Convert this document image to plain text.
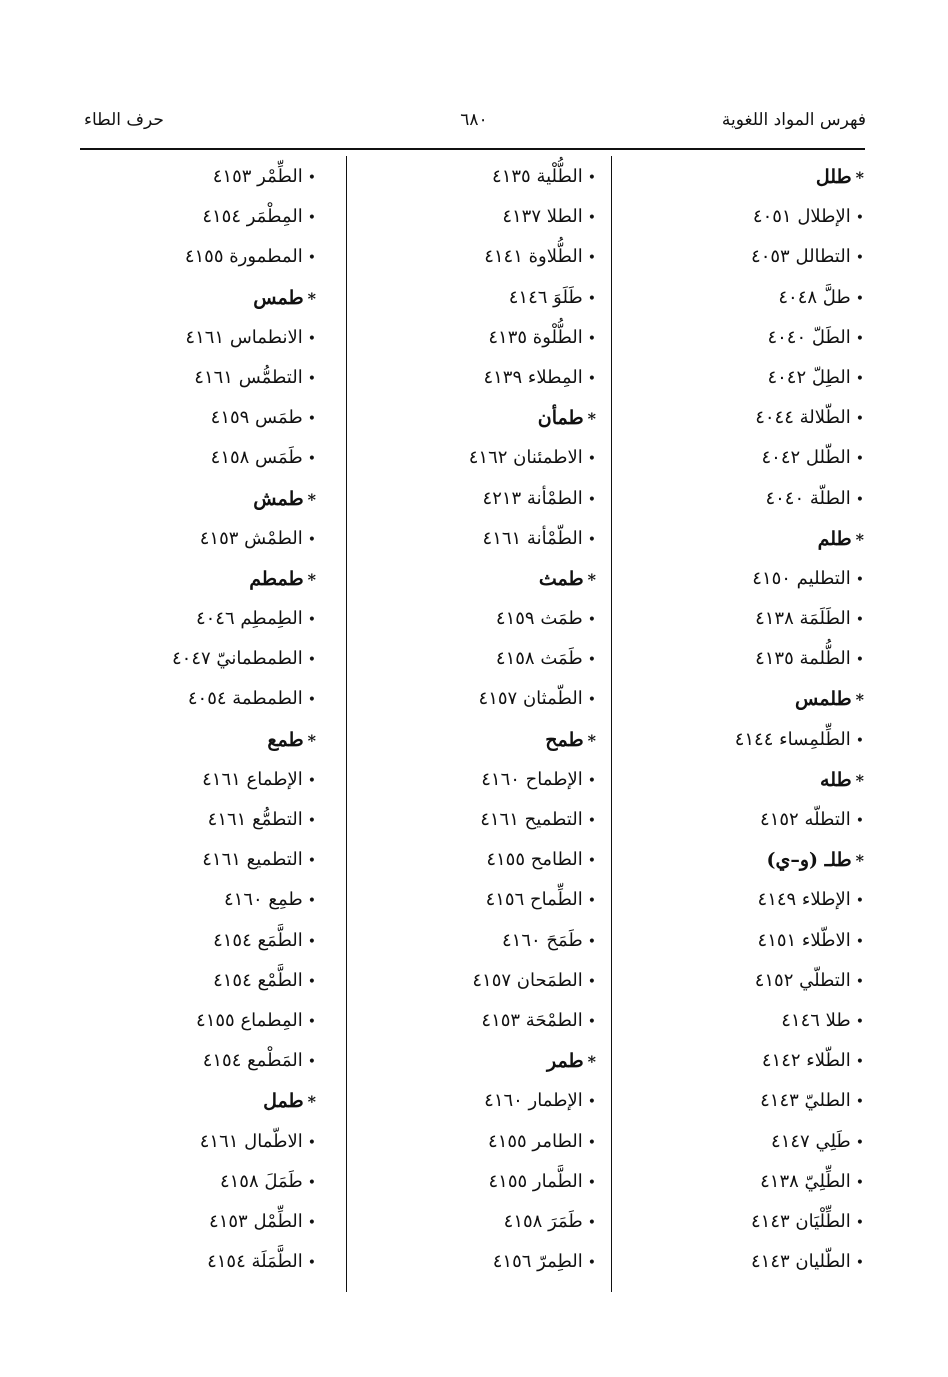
فهرس المواد اللغوية
٦٨٠
حرف الطاء
*طلل
•الإطلال ٤٠٥١
•التطالل ٤٠٥٣
•طلَّ ٤٠٤٨
•الطَلّ ٤٠٤٠
•الطِلّ ٤٠٤٢
•الطّلالة ٤٠٤٤
•الطّلل ٤٠٤٢
•الطلّة ٤٠٤٠
*طلم
•التطليم ٤١٥٠
•الطَلَمَة ٤١٣٨
•الطُّلمة ٤١٣٥
*طلمس
•الطِّلمِساء ٤١٤٤
*طله
•التطلّه ٤١٥٢
*طلـ (و–ي)
•الإطلاء ٤١٤٩
•الاطّلاء ٤١٥١
•التطلّي ٤١٥٢
•طلا ٤١٤٦
•الطّلاء ٤١٤٢
•الطليّ ٤١٤٣
•طَلِي ٤١٤٧
•الطِّلِيّ ٤١٣٨
•الطِّلْيَان ٤١٤٣
•الطّليان ٤١٤٣
•الطُّلْية ٤١٣٥
•الطلا ٤١٣٧
•الطُّلاوة ٤١٤١
•طَلَوَ ٤١٤٦
•الطُّلْوة ٤١٣٥
•المِطلاء ٤١٣٩
*طمأن
•الاطمئنان ٤١٦٢
•الطمْأنة ٤٢١٣
•الطّمْأنة ٤١٦١
*طمث
•طمَث ٤١٥٩
•طَمَث ٤١٥٨
•الطّمثان ٤١٥٧
*طمح
•الإطماح ٤١٦٠
•التطميح ٤١٦١
•الطامح ٤١٥٥
•الطِّماح ٤١٥٦
•طَمَحَ ٤١٦٠
•الطمَحان ٤١٥٧
•الطمْحَة ٤١٥٣
*طمر
•الإطمار ٤١٦٠
•الطامر ٤١٥٥
•الطَّمار ٤١٥٥
•طَمَرَ ٤١٥٨
•الطِمرّ ٤١٥٦
•الطِّمْر ٤١٥٣
•المِطْمَر ٤١٥٤
•المطمورة ٤١٥٥
*طمس
•الانطماس ٤١٦١
•التطمُّس ٤١٦١
•طمَس ٤١٥٩
•طَمَس ٤١٥٨
*طمش
•الطمْش ٤١٥٣
*طمطم
•الطِمطِم ٤٠٤٦
•الطمطمانيّ ٤٠٤٧
•الطمطمة ٤٠٥٤
*طمع
•الإطماع ٤١٦١
•التطمُّع ٤١٦١
•التطميع ٤١٦١
•طمِع ٤١٦٠
•الطَّمَع ٤١٥٤
•الطَّمْع ٤١٥٤
•المِطماع ٤١٥٥
•المَطْمع ٤١٥٤
*طمل
•الاطّمال ٤١٦١
•طَمَلَ ٤١٥٨
•الطِّمْل ٤١٥٣
•الطَّمَلَة ٤١٥٤
